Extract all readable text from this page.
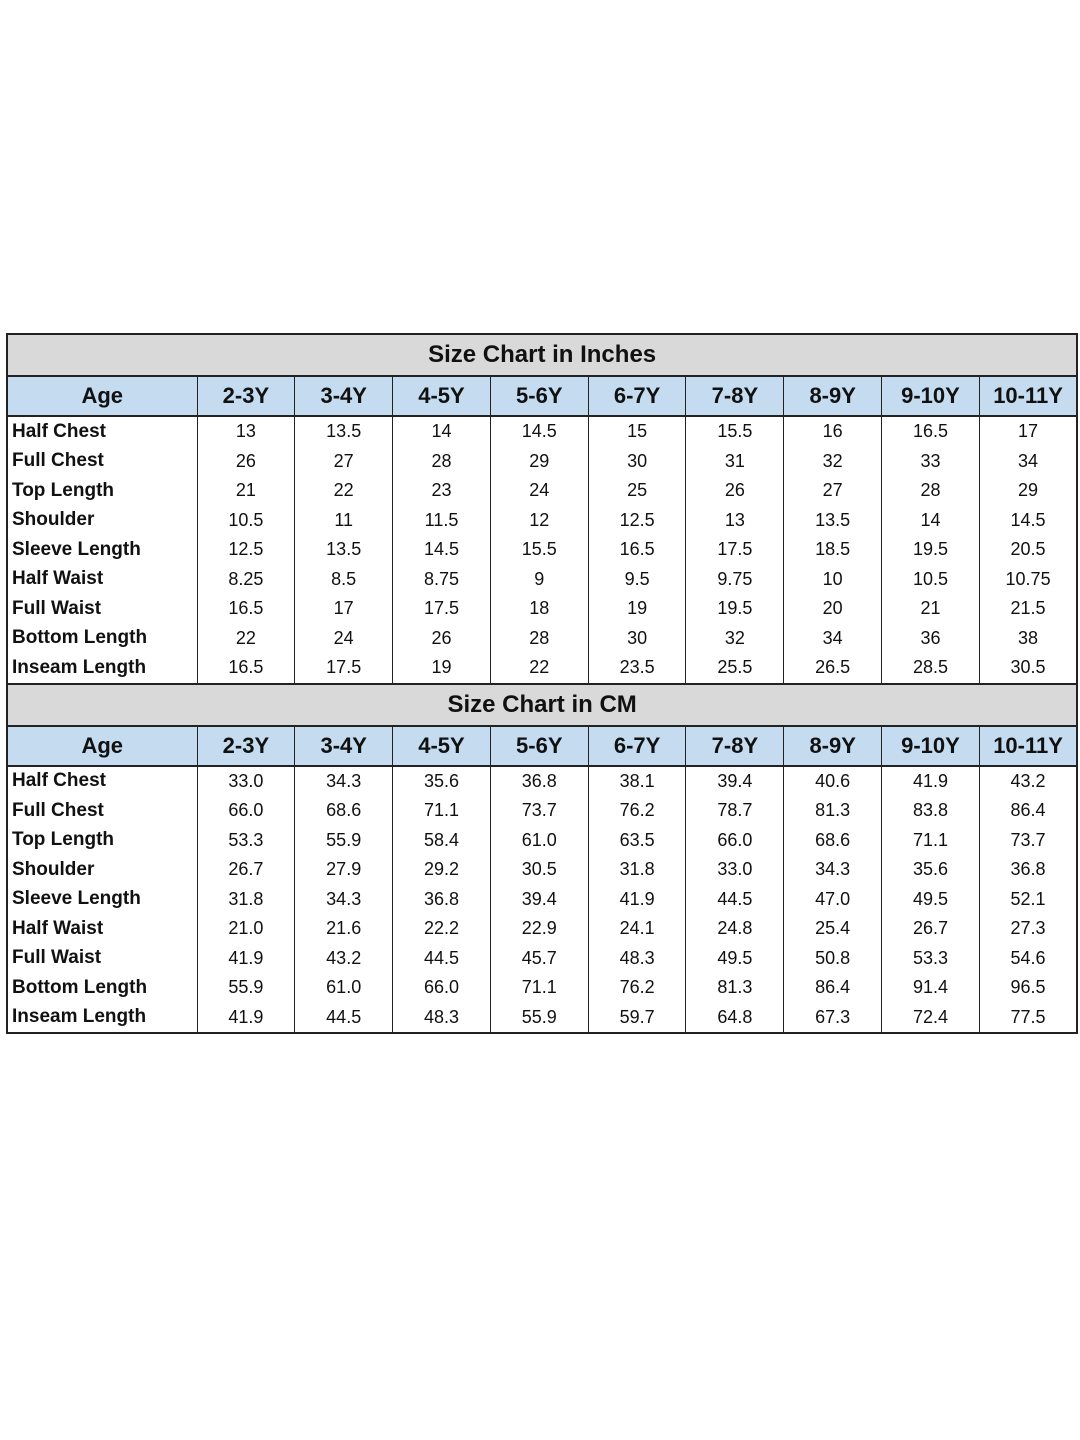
Size Chart in Inches									
Age	2-3Y	3-4Y	4-5Y	5-6Y	6-7Y	7-8Y	8-9Y	9-10Y	10-11Y
Half Chest	13	13.5	14	14.5	15	15.5	16	16.5	17
Full Chest	26	27	28	29	30	31	32	33	34
Top Length	21	22	23	24	25	26	27	28	29
Shoulder	10.5	11	11.5	12	12.5	13	13.5	14	14.5
Sleeve Length	12.5	13.5	14.5	15.5	16.5	17.5	18.5	19.5	20.5
Half Waist	8.25	8.5	8.75	9	9.5	9.75	10	10.5	10.75
Full Waist	16.5	17	17.5	18	19	19.5	20	21	21.5
Bottom Length	22	24	26	28	30	32	34	36	38
Inseam Length	16.5	17.5	19	22	23.5	25.5	26.5	28.5	30.5
Size Chart in CM									
Age	2-3Y	3-4Y	4-5Y	5-6Y	6-7Y	7-8Y	8-9Y	9-10Y	10-11Y
Half Chest	33.0	34.3	35.6	36.8	38.1	39.4	40.6	41.9	43.2
Full Chest	66.0	68.6	71.1	73.7	76.2	78.7	81.3	83.8	86.4
Top Length	53.3	55.9	58.4	61.0	63.5	66.0	68.6	71.1	73.7
Shoulder	26.7	27.9	29.2	30.5	31.8	33.0	34.3	35.6	36.8
Sleeve Length	31.8	34.3	36.8	39.4	41.9	44.5	47.0	49.5	52.1
Half Waist	21.0	21.6	22.2	22.9	24.1	24.8	25.4	26.7	27.3
Full Waist	41.9	43.2	44.5	45.7	48.3	49.5	50.8	53.3	54.6
Bottom Length	55.9	61.0	66.0	71.1	76.2	81.3	86.4	91.4	96.5
Inseam Length	41.9	44.5	48.3	55.9	59.7	64.8	67.3	72.4	77.5
